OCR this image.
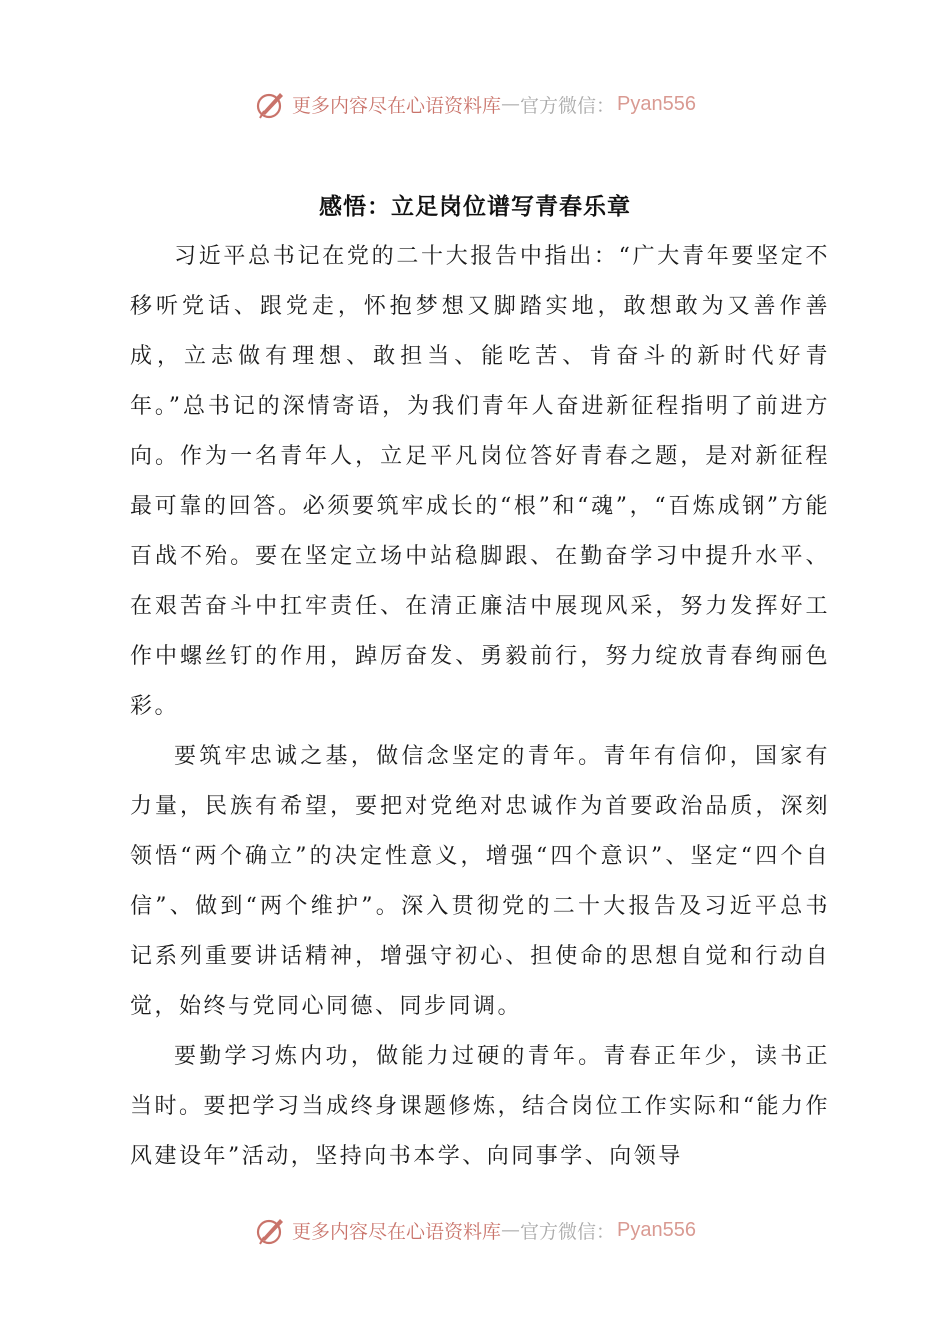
更多内容尽在心语资料库 — 官方微信： Pyan556
感悟：立足岗位谱写青春乐章

习近平总书记在党的二十大报告中指出：“广大青年要坚定不移听党话、跟党走，怀抱梦想又脚踏实地，敢想敢为又善作善成，立志做有理想、敢担当、能吃苦、肯奋斗的新时代好青年。”总书记的深情寄语，为我们青年人奋进新征程指明了前进方向。作为一名青年人，立足平凡岗位答好青春之题，是对新征程最可靠的回答。必须要筑牢成长的“根”和“魂”，“百炼成钢”方能百战不殆。要在坚定立场中站稳脚跟、在勤奋学习中提升水平、在艰苦奋斗中扛牢责任、在清正廉洁中展现风采，努力发挥好工作中螺丝钉的作用，踔厉奋发、勇毅前行，努力绽放青春绚丽色彩。

要筑牢忠诚之基，做信念坚定的青年。青年有信仰，国家有力量，民族有希望，要把对党绝对忠诚作为首要政治品质，深刻领悟“两个确立”的决定性意义，增强“四个意识”、坚定“四个自信”、做到“两个维护”。深入贯彻党的二十大报告及习近平总书记系列重要讲话精神，增强守初心、担使命的思想自觉和行动自觉，始终与党同心同德、同步同调。

要勤学习炼内功，做能力过硬的青年。青春正年少，读书正当时。要把学习当成终身课题修炼，结合岗位工作实际和“能力作风建设年”活动，坚持向书本学、向同事学、向领导

更多内容尽在心语资料库 — 官方微信： Pyan556
